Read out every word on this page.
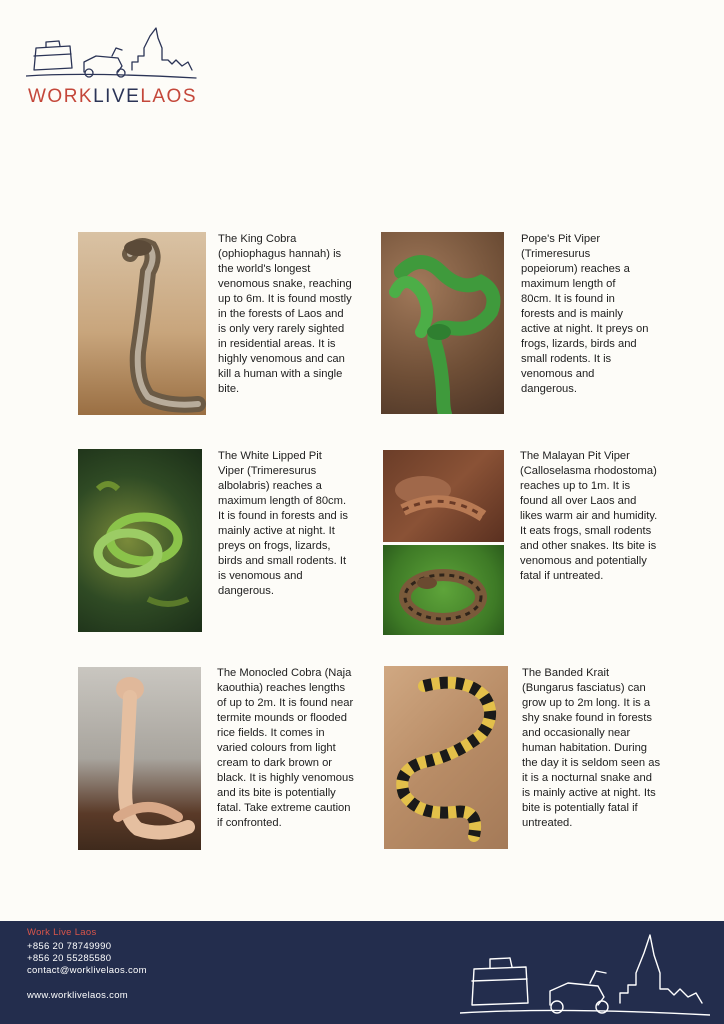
WORKLIVELAOS
The King Cobra (ophiophagus hannah) is the world's longest venomous snake, reaching up to 6m. It is found mostly in the forests of Laos and is only very rarely sighted in residential areas. It is highly venomous and can kill a human with a single bite.
Pope's Pit Viper (Trimeresurus popeiorum) reaches a maximum length of 80cm. It is found in forests and is mainly active at night. It preys on frogs, lizards, birds and small rodents. It is venomous and dangerous.
The White Lipped Pit Viper (Trimeresurus albolabris) reaches a maximum length of 80cm. It is found in forests and is mainly active at night. It preys on frogs, lizards, birds and small rodents. It is venomous and dangerous.
The Malayan Pit Viper (Calloselasma rhodostoma) reaches up to 1m. It is found all over Laos and likes warm air and humidity. It eats frogs, small rodents and other snakes. Its bite is venomous and potentially fatal if untreated.
The Monocled Cobra (Naja kaouthia) reaches lengths of up to 2m. It is found near termite mounds or flooded rice fields. It comes in varied colours from light cream to dark brown or black. It is highly venomous and its bite is potentially fatal. Take extreme caution if confronted.
The Banded Krait (Bungarus fasciatus) can grow up to 2m long. It is a shy snake found in forests and occasionally near human habitation. During the day it is seldom seen as it is a nocturnal snake and is mainly active at night. Its bite is potentially fatal if untreated.
Work Live Laos
+856 20 78749990
+856 20 55285580
contact@worklivelaos.com
www.worklivelaos.com
